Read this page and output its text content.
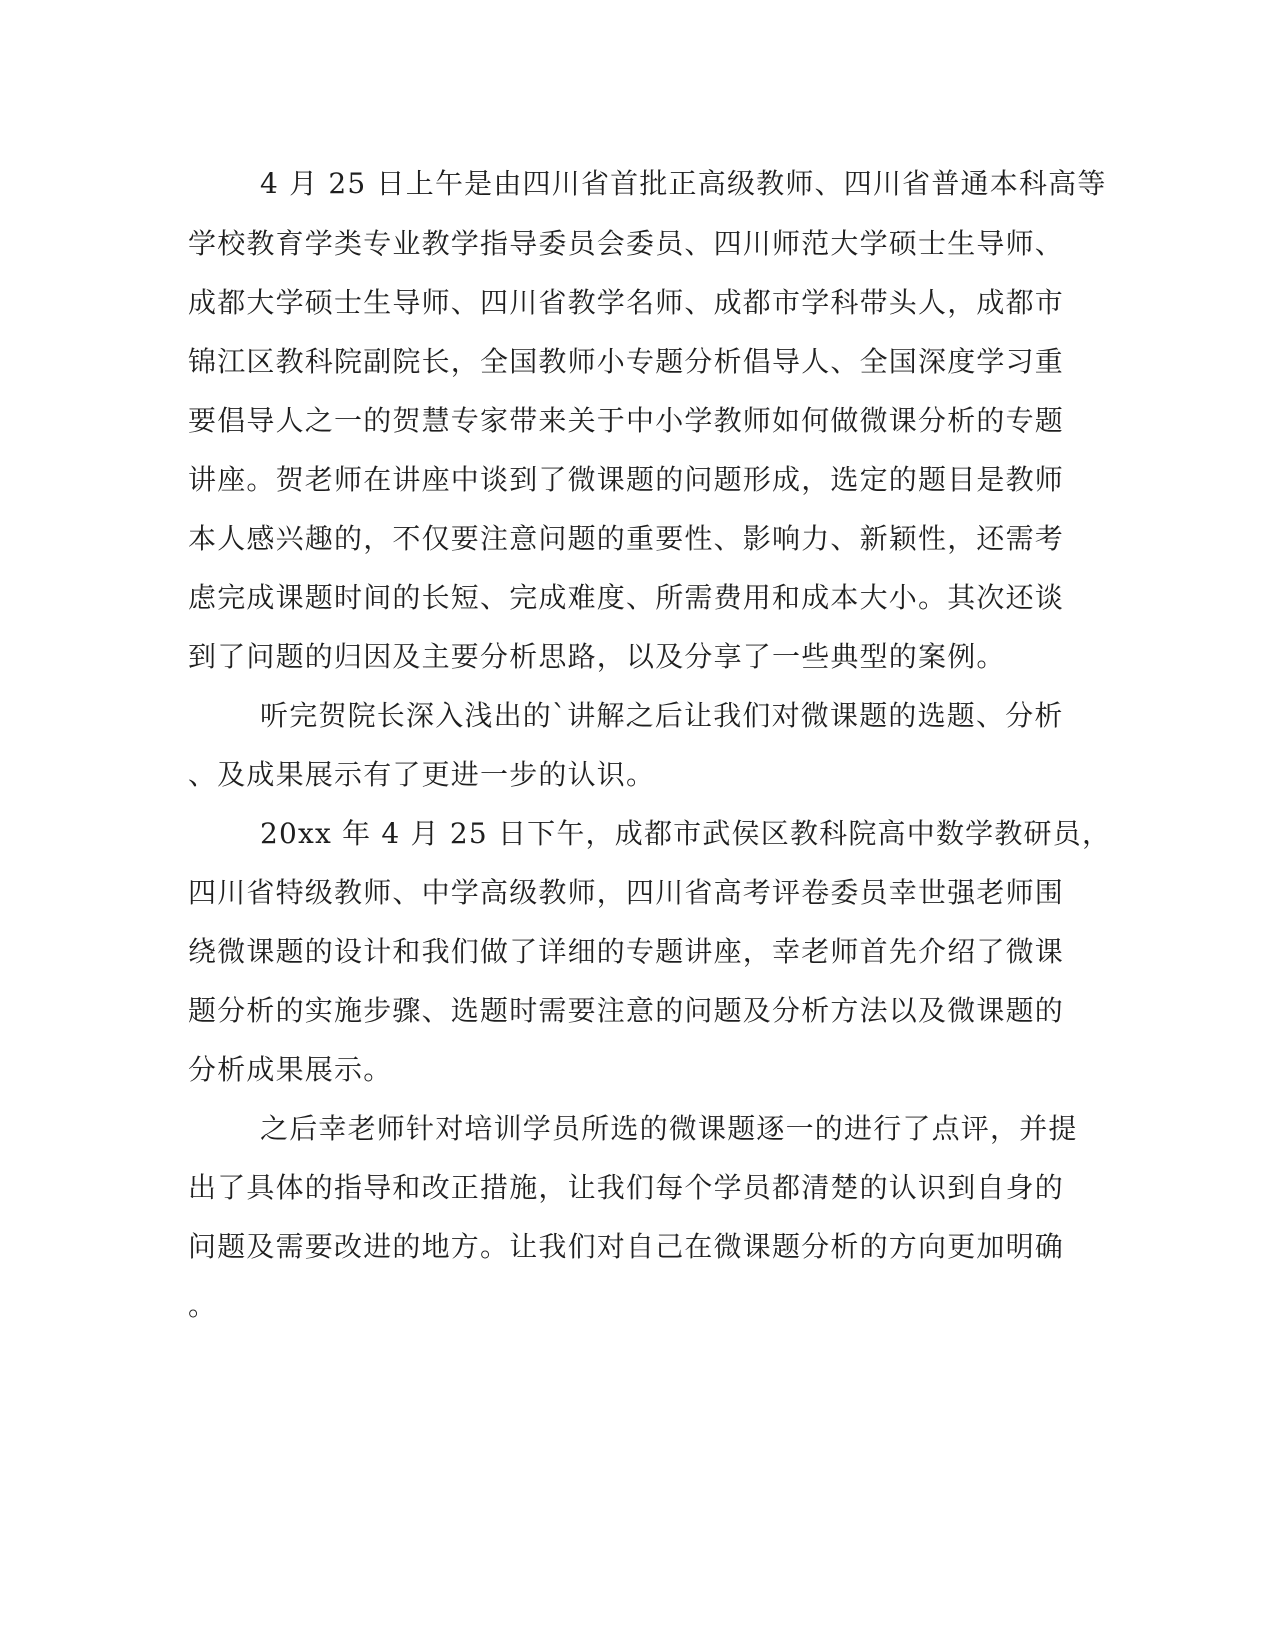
4 月 25 日上午是由四川省首批正高级教师、四川省普通本科高等
学校教育学类专业教学指导委员会委员、四川师范大学硕士生导师、
成都大学硕士生导师、四川省教学名师、成都市学科带头人，成都市
锦江区教科院副院长，全国教师小专题分析倡导人、全国深度学习重
要倡导人之一的贺慧专家带来关于中小学教师如何做微课分析的专题
讲座。贺老师在讲座中谈到了微课题的问题形成，选定的题目是教师
本人感兴趣的，不仅要注意问题的重要性、影响力、新颖性，还需考
虑完成课题时间的长短、完成难度、所需费用和成本大小。其次还谈
到了问题的归因及主要分析思路，以及分享了一些典型的案例。
听完贺院长深入浅出的`讲解之后让我们对微课题的选题、分析
、及成果展示有了更进一步的认识。
20xx 年 4 月 25 日下午，成都市武侯区教科院高中数学教研员，
四川省特级教师、中学高级教师，四川省高考评卷委员幸世强老师围
绕微课题的设计和我们做了详细的专题讲座，幸老师首先介绍了微课
题分析的实施步骤、选题时需要注意的问题及分析方法以及微课题的
分析成果展示。
之后幸老师针对培训学员所选的微课题逐一的进行了点评，并提
出了具体的指导和改正措施，让我们每个学员都清楚的认识到自身的
问题及需要改进的地方。让我们对自己在微课题分析的方向更加明确
。
